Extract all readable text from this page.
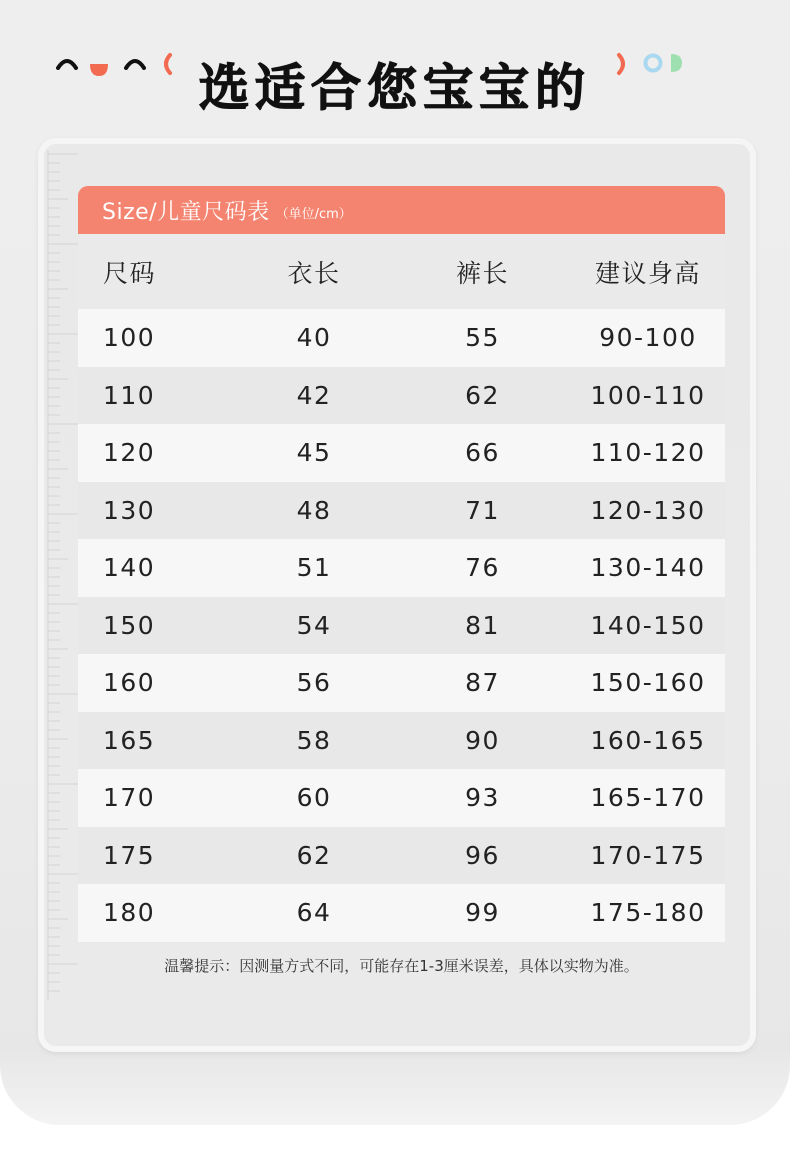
选适合您宝宝的
Size/儿童尺码表 （单位/cm）
尺码	衣长	裤长	建议身高
100	40	55	90-100
110	42	62	100-110
120	45	66	110-120
130	48	71	120-130
140	51	76	130-140
150	54	81	140-150
160	56	87	150-160
165	58	90	160-165
170	60	93	165-170
175	62	96	170-175
180	64	99	175-180
温馨提示：因测量方式不同，可能存在1-3厘米误差，具体以实物为准。
